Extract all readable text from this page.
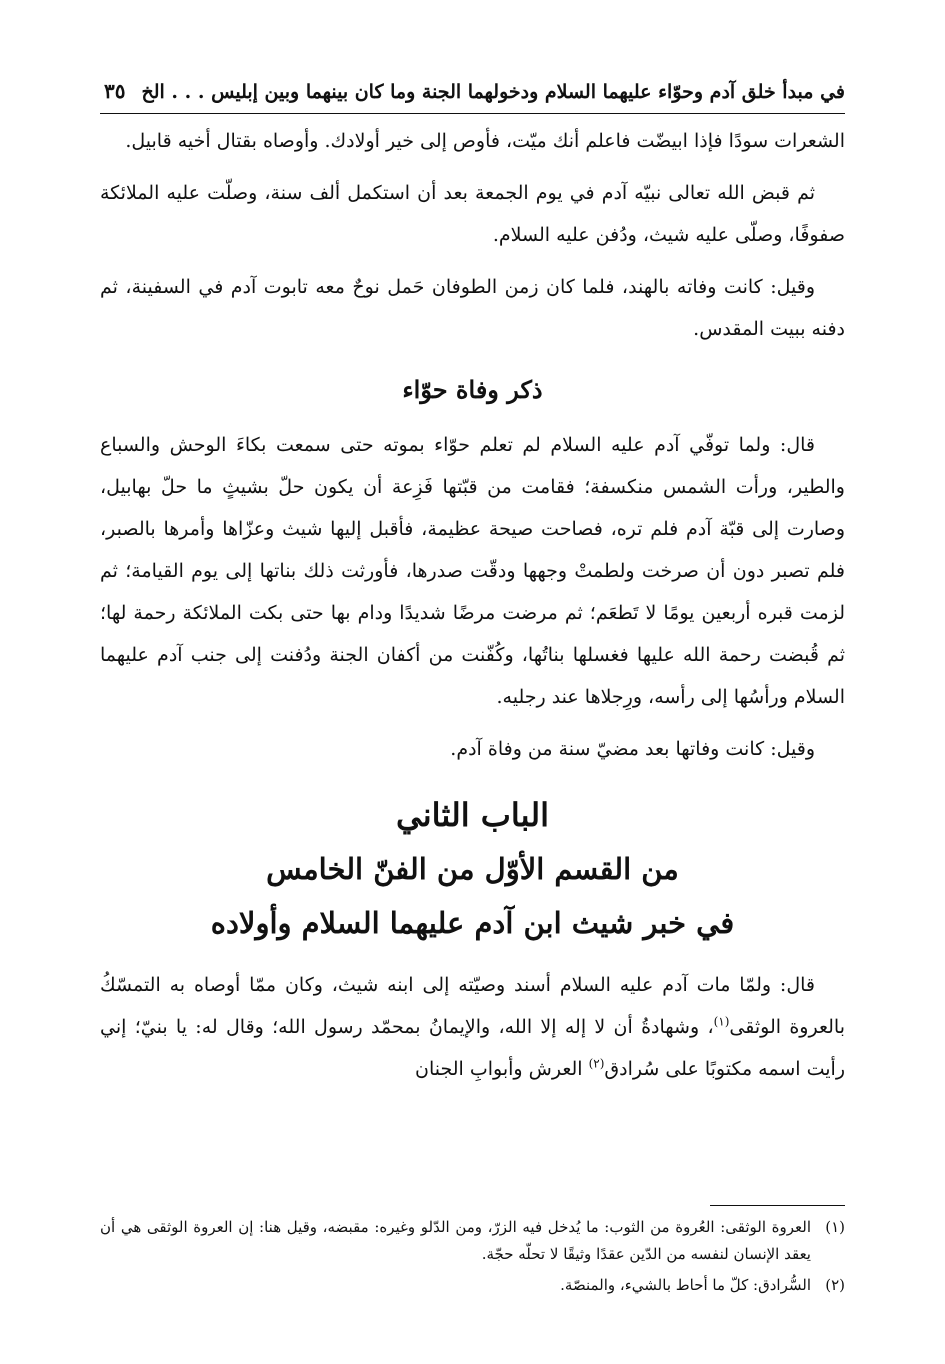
في مبدأ خلق آدم وحوّاء عليهما السلام ودخولهما الجنة وما كان بينهما وبين إبليس . . . الخ
٣٥

الشعرات سودًا فإذا ابيضّت فاعلم أنك ميّت، فأوص إلى خير أولادك. وأوصاه بقتال أخيه قابيل.

ثم قبض الله تعالى نبيّه آدم في يوم الجمعة بعد أن استكمل ألف سنة، وصلّت عليه الملائكة صفوفًا، وصلّى عليه شيث، ودُفن عليه السلام.

وقيل: كانت وفاته بالهند، فلما كان زمن الطوفان حَمل نوحٌ معه تابوت آدم في السفينة، ثم دفنه ببيت المقدس.

ذكر وفاة حوّاء

قال: ولما توفّي آدم عليه السلام لم تعلم حوّاء بموته حتى سمعت بكاءَ الوحش والسباع والطير، ورأت الشمس منكسفة؛ فقامت من قبّتها فَزِعة أن يكون حلّ بشيثٍ ما حلّ بهابيل، وصارت إلى قبّة آدم فلم تره، فصاحت صيحة عظيمة، فأقبل إليها شيث وعزّاها وأمرها بالصبر، فلم تصبر دون أن صرخت ولطمتْ وجهها ودقّت صدرها، فأورثت ذلك بناتها إلى يوم القيامة؛ ثم لزمت قبره أربعين يومًا لا تَطعَم؛ ثم مرضت مرضًا شديدًا ودام بها حتى بكت الملائكة رحمة لها؛ ثم قُبضت رحمة الله عليها فغسلها بناتُها، وكُفّنت من أكفان الجنة ودُفنت إلى جنب آدم عليهما السلام ورأسُها إلى رأسه، ورِجلاها عند رجليه.

وقيل: كانت وفاتها بعد مضيّ سنة من وفاة آدم.

الباب الثاني
من القسم الأوّل من الفنّ الخامس
في خبر شيث ابن آدم عليهما السلام وأولاده

قال: ولمّا مات آدم عليه السلام أسند وصيّته إلى ابنه شيث، وكان ممّا أوصاه به التمسّكُ بالعروة الوثقى$^{(١)}$، وشهادةُ أن لا إله إلا الله، والإيمانُ بمحمّد رسول الله؛ وقال له: يا بنيّ؛ إني رأيت اسمه مكتوبًا على سُرادق$^{(٢)}$ العرش وأبوابِ الجنان

(١)
العروة الوثقى: العُروة من الثوب: ما يُدخل فيه الزرّ، ومن الدّلو وغيره: مقبضه، وقيل هنا: إن العروة الوثقى هي أن يعقد الإنسان لنفسه من الدّين عقدًا وثيقًا لا تحلّه حجّة.
(٢)
السُّرادق: كلّ ما أحاط بالشيء، والمنصّة.
